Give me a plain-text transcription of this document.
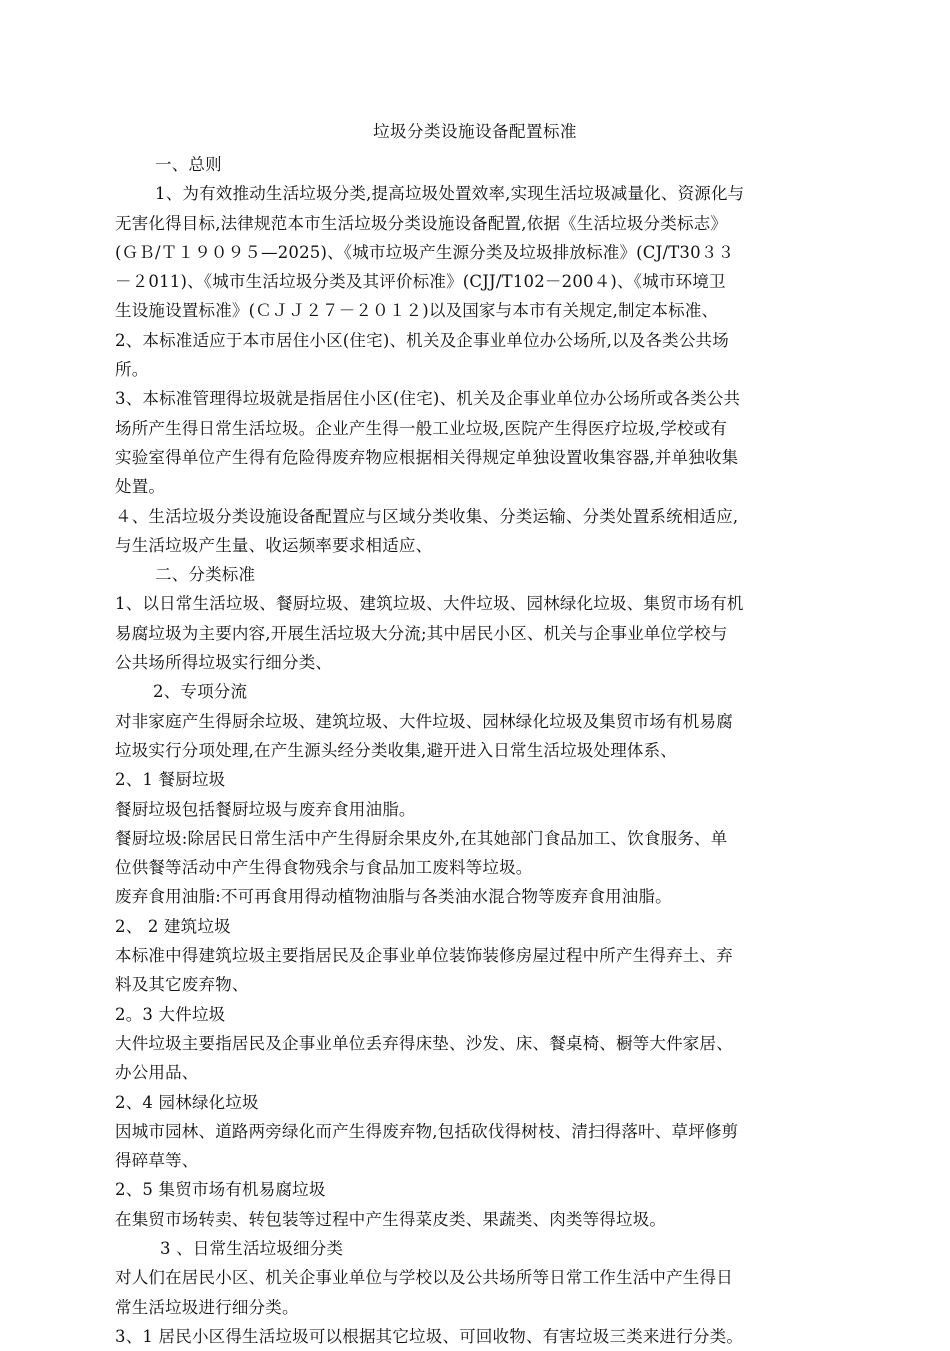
垃圾分类设施设备配置标准
一、总则
1、为有效推动生活垃圾分类,提高垃圾处置效率,实现生活垃圾减量化、资源化与
无害化得目标,法律规范本市生活垃圾分类设施设备配置,依据《生活垃圾分类标志》
(ＧＢ/Ｔ１９０９５—2025)、《城市垃圾产生源分类及垃圾排放标准》(CJ/T30３３
－２011)、《城市生活垃圾分类及其评价标准》(CJJ/T102－200４)、《城市环境卫
生设施设置标准》(ＣＪＪ２７－２０１２)以及国家与本市有关规定,制定本标准、
2、本标准适应于本市居住小区(住宅)、机关及企事业单位办公场所,以及各类公共场
所。
3、本标准管理得垃圾就是指居住小区(住宅)、机关及企事业单位办公场所或各类公共
场所产生得日常生活垃圾。企业产生得一般工业垃圾,医院产生得医疗垃圾,学校或有
实验室得单位产生得有危险得废弃物应根据相关得规定单独设置收集容器,并单独收集
处置。
４、生活垃圾分类设施设备配置应与区域分类收集、分类运输、分类处置系统相适应,
与生活垃圾产生量、收运频率要求相适应、
二、分类标准
1、以日常生活垃圾、餐厨垃圾、建筑垃圾、大件垃圾、园林绿化垃圾、集贸市场有机
易腐垃圾为主要内容,开展生活垃圾大分流;其中居民小区、机关与企事业单位学校与
公共场所得垃圾实行细分类、
2、专项分流
对非家庭产生得厨余垃圾、建筑垃圾、大件垃圾、园林绿化垃圾及集贸市场有机易腐
垃圾实行分项处理,在产生源头经分类收集,避开进入日常生活垃圾处理体系、
2、1 餐厨垃圾
餐厨垃圾包括餐厨垃圾与废弃食用油脂。
餐厨垃圾:除居民日常生活中产生得厨余果皮外,在其她部门食品加工、饮食服务、单
位供餐等活动中产生得食物残余与食品加工废料等垃圾。
废弃食用油脂:不可再食用得动植物油脂与各类油水混合物等废弃食用油脂。
2、 2 建筑垃圾
本标准中得建筑垃圾主要指居民及企事业单位装饰装修房屋过程中所产生得弃土、弃
料及其它废弃物、
2。3 大件垃圾
大件垃圾主要指居民及企事业单位丢弃得床垫、沙发、床、餐桌椅、橱等大件家居、
办公用品、
2、4 园林绿化垃圾
因城市园林、道路两旁绿化而产生得废弃物,包括砍伐得树枝、清扫得落叶、草坪修剪
得碎草等、
2、5 集贸市场有机易腐垃圾
在集贸市场转卖、转包装等过程中产生得菜皮类、果蔬类、肉类等得垃圾。
3 、日常生活垃圾细分类
对人们在居民小区、机关企事业单位与学校以及公共场所等日常工作生活中产生得日
常生活垃圾进行细分类。
3、1 居民小区得生活垃圾可以根据其它垃圾、可回收物、有害垃圾三类来进行分类。
